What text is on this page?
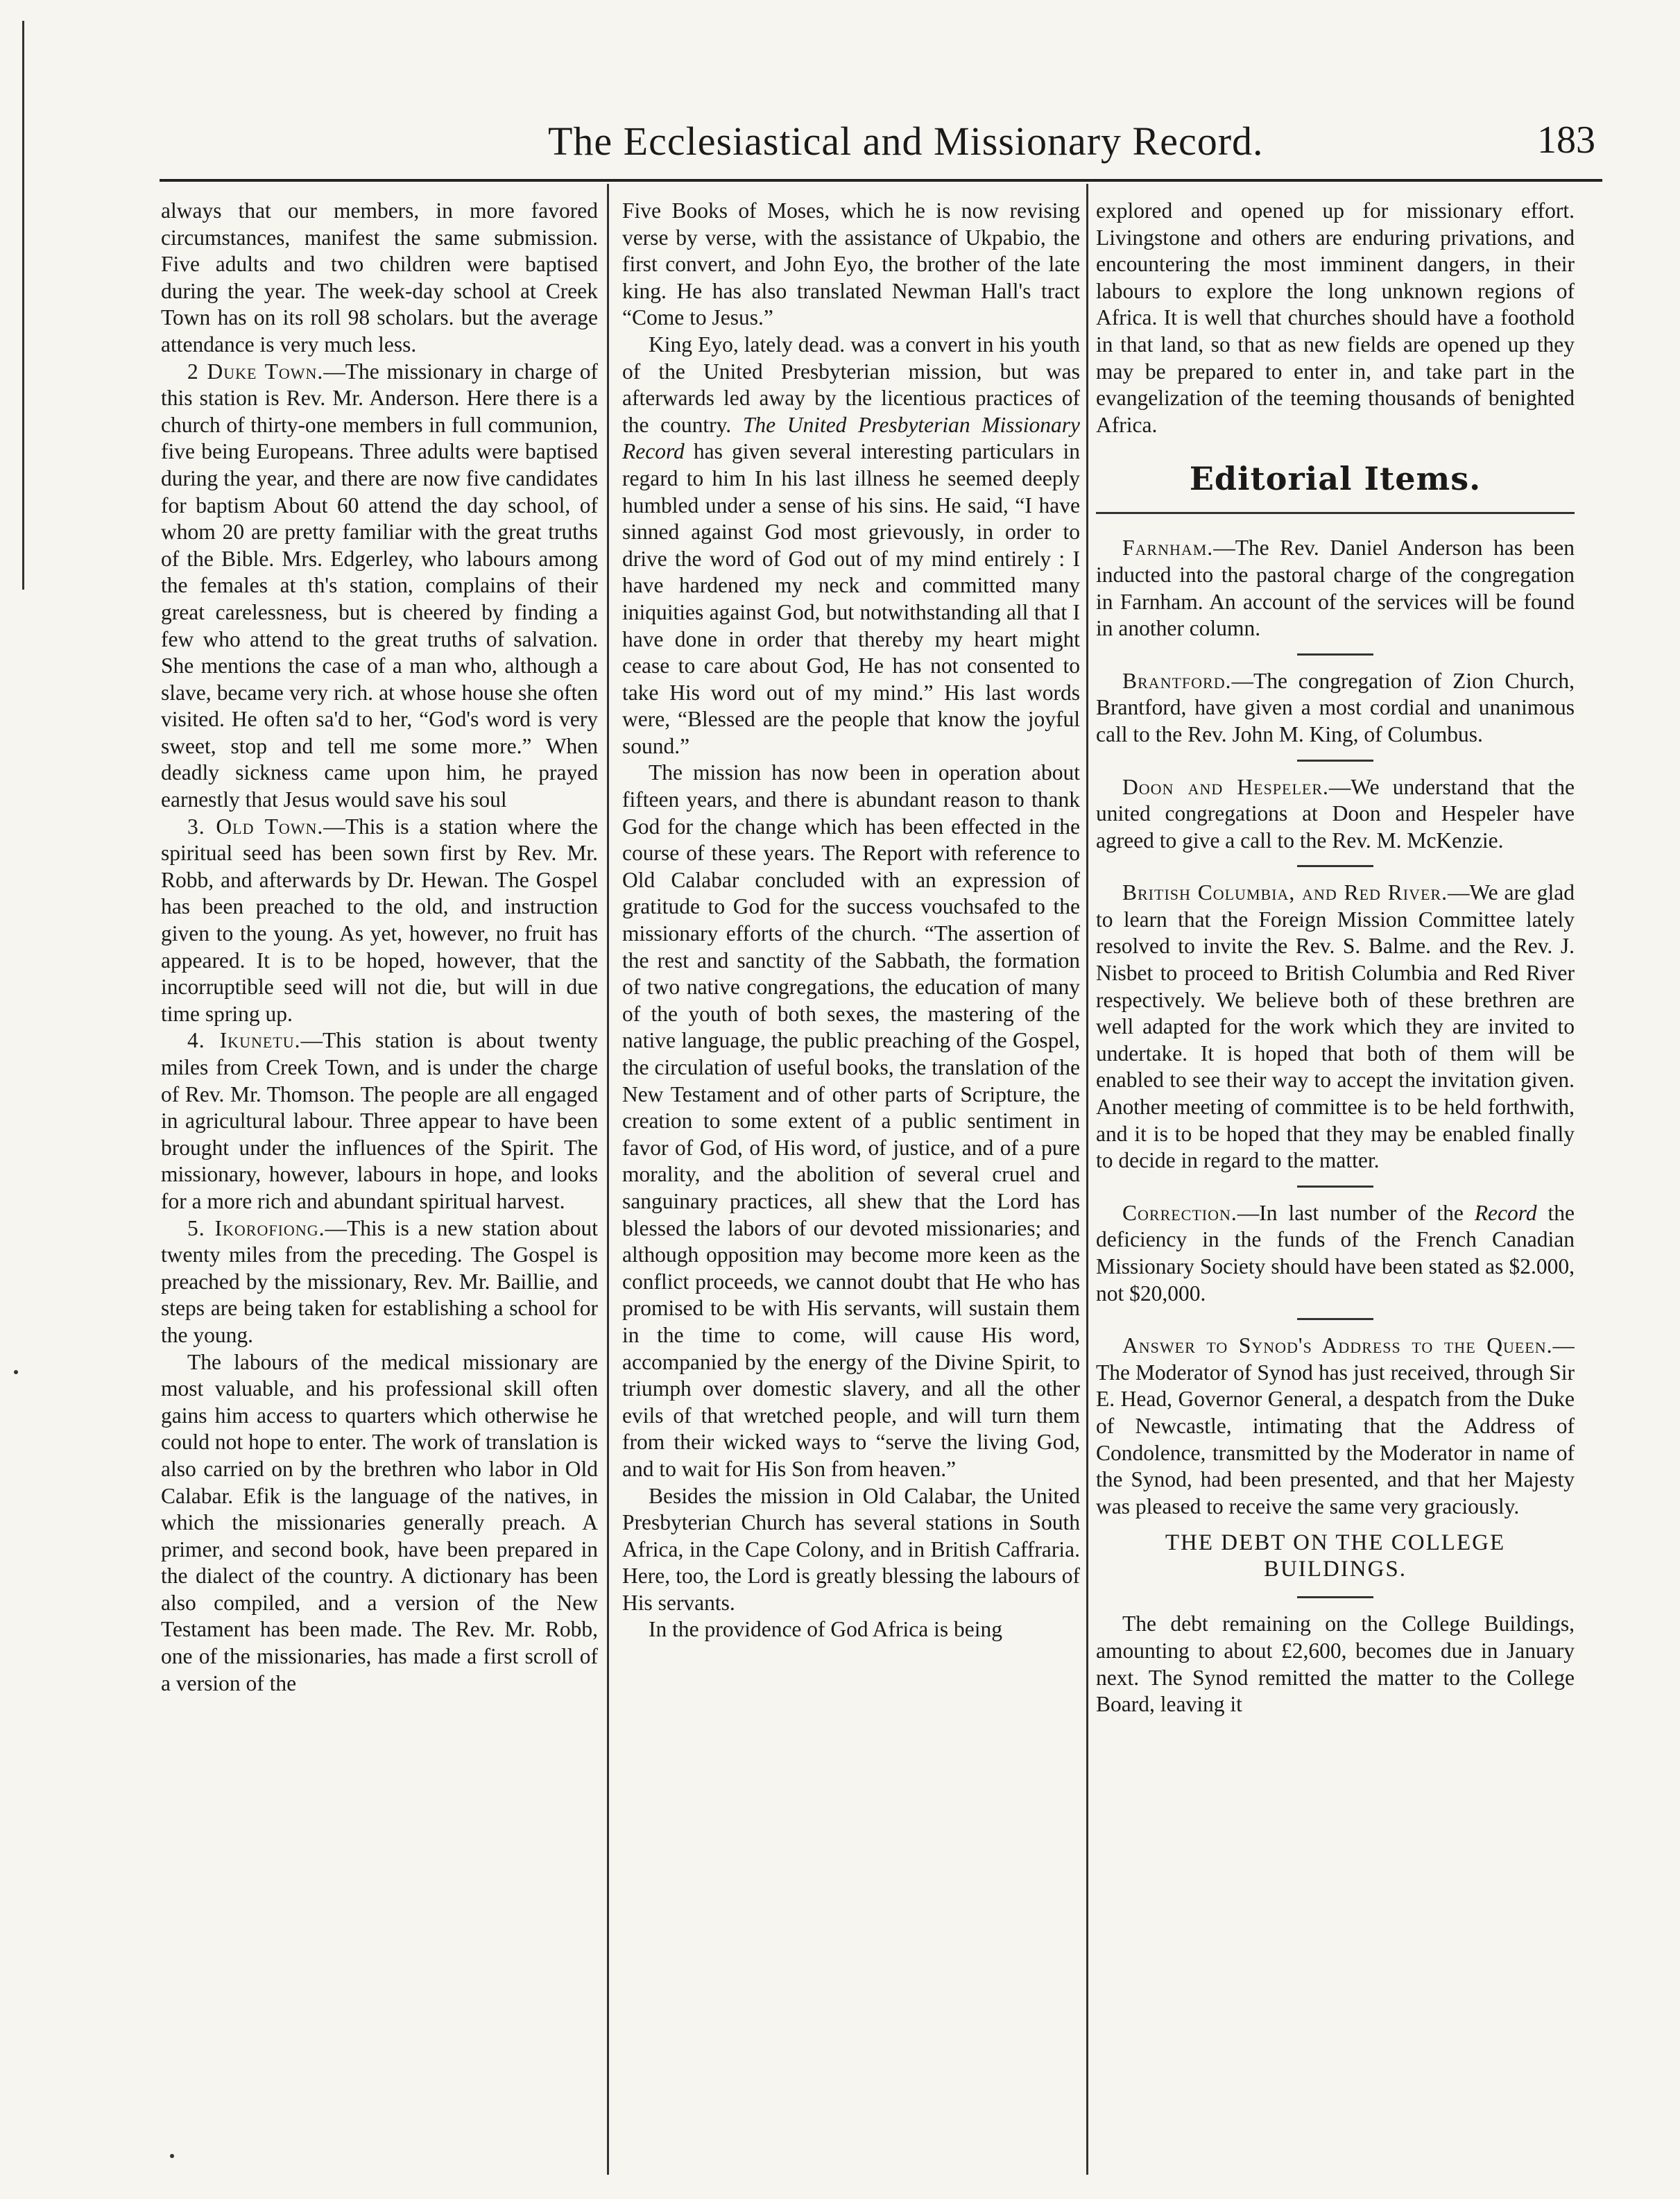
The Ecclesiastical and Missionary Record.	183

always that our members, in more favored circumstances, manifest the same submission. Five adults and two children were baptised during the year. The week-day school at Creek Town has on its roll 98 scholars. but the average attendance is very much less.

2 Duke Town.—The missionary in charge of this station is Rev. Mr. Anderson. Here there is a church of thirty-one members in full communion, five being Europeans. Three adults were baptised during the year, and there are now five candidates for baptism About 60 attend the day school, of whom 20 are pretty familiar with the great truths of the Bible. Mrs. Edgerley, who labours among the females at th's station, complains of their great carelessness, but is cheered by finding a few who attend to the great truths of salvation. She mentions the case of a man who, although a slave, became very rich. at whose house she often visited. He often sa'd to her, “God's word is very sweet, stop and tell me some more.” When deadly sickness came upon him, he prayed earnestly that Jesus would save his soul

3. Old Town.—This is a station where the spiritual seed has been sown first by Rev. Mr. Robb, and afterwards by Dr. Hewan. The Gospel has been preached to the old, and instruction given to the young. As yet, however, no fruit has appeared. It is to be hoped, however, that the incorruptible seed will not die, but will in due time spring up.

4. Ikunetu.—This station is about twenty miles from Creek Town, and is under the charge of Rev. Mr. Thomson. The people are all engaged in agricultural labour. Three appear to have been brought under the influences of the Spirit. The missionary, however, labours in hope, and looks for a more rich and abundant spiritual harvest.

5. Ikorofiong.—This is a new station about twenty miles from the preceding. The Gospel is preached by the missionary, Rev. Mr. Baillie, and steps are being taken for establishing a school for the young.

The labours of the medical missionary are most valuable, and his professional skill often gains him access to quarters which otherwise he could not hope to enter. The work of translation is also carried on by the brethren who labor in Old Calabar. Efik is the language of the natives, in which the missionaries generally preach. A primer, and second book, have been prepared in the dialect of the country. A dictionary has been also compiled, and a version of the New Testament has been made. The Rev. Mr. Robb, one of the missionaries, has made a first scroll of a version of the

Five Books of Moses, which he is now revising verse by verse, with the assistance of Ukpabio, the first convert, and John Eyo, the brother of the late king. He has also translated Newman Hall's tract “Come to Jesus.”

King Eyo, lately dead. was a convert in his youth of the United Presbyterian mission, but was afterwards led away by the licentious practices of the country. The United Presbyterian Missionary Record has given several interesting particulars in regard to him In his last illness he seemed deeply humbled under a sense of his sins. He said, “I have sinned against God most grievously, in order to drive the word of God out of my mind entirely : I have hardened my neck and committed many iniquities against God, but notwithstanding all that I have done in order that thereby my heart might cease to care about God, He has not consented to take His word out of my mind.” His last words were, “Blessed are the people that know the joyful sound.”

The mission has now been in operation about fifteen years, and there is abundant reason to thank God for the change which has been effected in the course of these years. The Report with reference to Old Calabar concluded with an expression of gratitude to God for the success vouchsafed to the missionary efforts of the church. “The assertion of the rest and sanctity of the Sabbath, the formation of two native congregations, the education of many of the youth of both sexes, the mastering of the native language, the public preaching of the Gospel, the circulation of useful books, the translation of the New Testament and of other parts of Scripture, the creation to some extent of a public sentiment in favor of God, of His word, of justice, and of a pure morality, and the abolition of several cruel and sanguinary practices, all shew that the Lord has blessed the labors of our devoted missionaries; and although opposition may become more keen as the conflict proceeds, we cannot doubt that He who has promised to be with His servants, will sustain them in the time to come, will cause His word, accompanied by the energy of the Divine Spirit, to triumph over domestic slavery, and all the other evils of that wretched people, and will turn them from their wicked ways to “serve the living God, and to wait for His Son from heaven.”

Besides the mission in Old Calabar, the United Presbyterian Church has several stations in South Africa, in the Cape Colony, and in British Caffraria. Here, too, the Lord is greatly blessing the labours of His servants.

In the providence of God Africa is being

explored and opened up for missionary effort. Livingstone and others are enduring privations, and encountering the most imminent dangers, in their labours to explore the long unknown regions of Africa. It is well that churches should have a foothold in that land, so that as new fields are opened up they may be prepared to enter in, and take part in the evangelization of the teeming thousands of benighted Africa.

Editorial Items.

Farnham.—The Rev. Daniel Anderson has been inducted into the pastoral charge of the congregation in Farnham. An account of the services will be found in another column.

Brantford.—The congregation of Zion Church, Brantford, have given a most cordial and unanimous call to the Rev. John M. King, of Columbus.

Doon and Hespeler.—We understand that the united congregations at Doon and Hespeler have agreed to give a call to the Rev. M. McKenzie.

British Columbia, and Red River.—We are glad to learn that the Foreign Mission Committee lately resolved to invite the Rev. S. Balme. and the Rev. J. Nisbet to proceed to British Columbia and Red River respectively. We believe both of these brethren are well adapted for the work which they are invited to undertake. It is hoped that both of them will be enabled to see their way to accept the invitation given. Another meeting of committee is to be held forthwith, and it is to be hoped that they may be enabled finally to decide in regard to the matter.

Correction.—In last number of the Record the deficiency in the funds of the French Canadian Missionary Society should have been stated as $2.000, not $20,000.

Answer to Synod's Address to the Queen.—The Moderator of Synod has just received, through Sir E. Head, Governor General, a despatch from the Duke of Newcastle, intimating that the Address of Condolence, transmitted by the Moderator in name of the Synod, had been presented, and that her Majesty was pleased to receive the same very graciously.

THE DEBT ON THE COLLEGE BUILDINGS.

The debt remaining on the College Buildings, amounting to about £2,600, becomes due in January next. The Synod remitted the matter to the College Board, leaving it
